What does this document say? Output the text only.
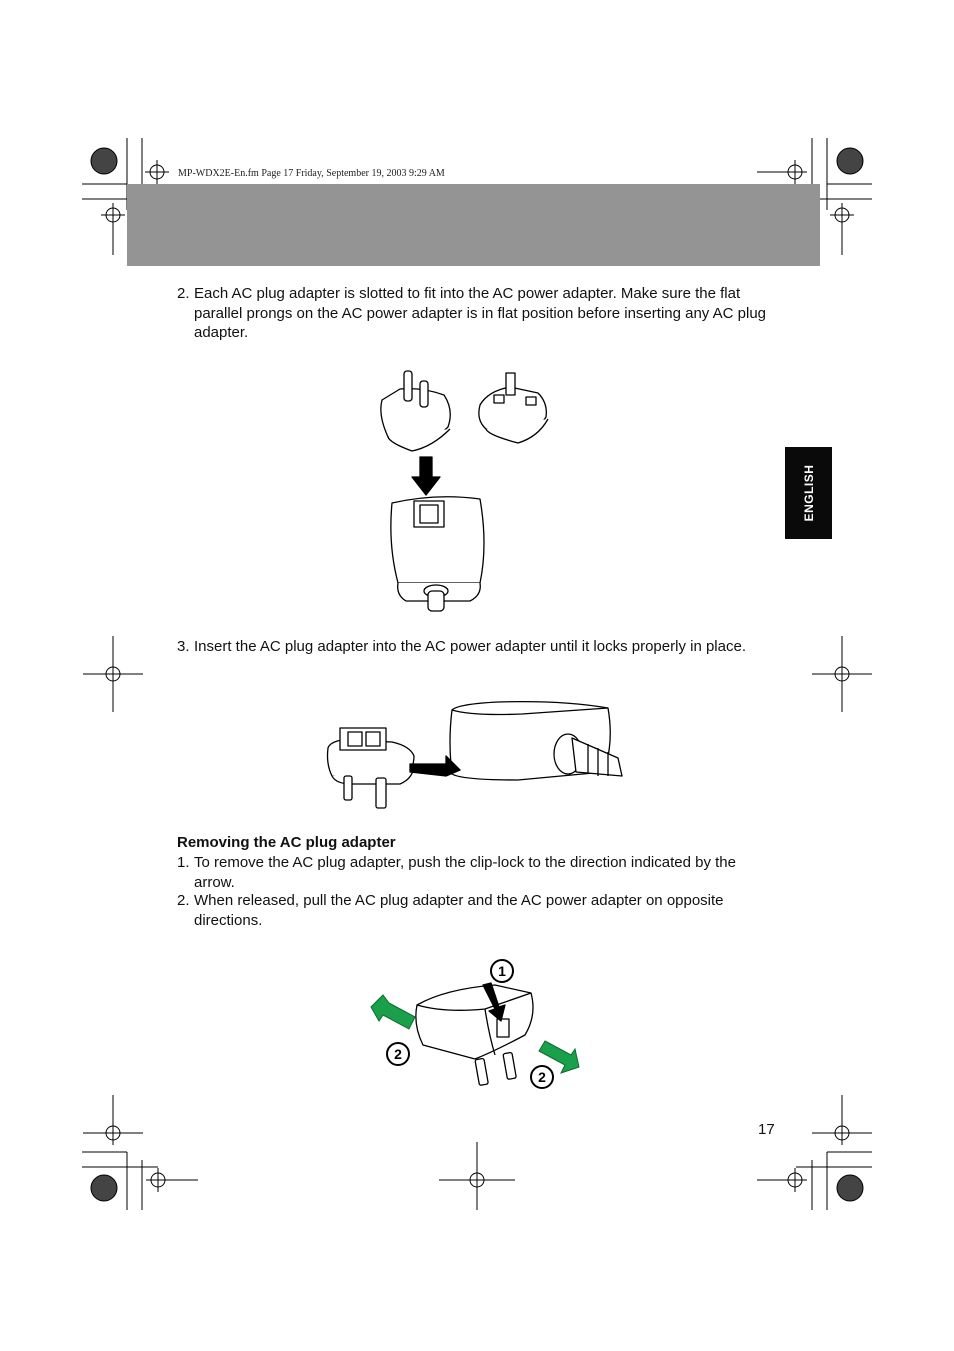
MP-WDX2E-En.fm Page 17 Friday, September 19, 2003 9:29 AM
ENGLISH
2. Each AC plug adapter is slotted to fit into the AC power adapter. Make sure the flat parallel prongs on the AC power adapter is in flat position before inserting any AC plug adapter.
3. Insert the AC plug adapter into the AC power adapter until it locks properly in place.
Removing the AC plug adapter
1. To remove the AC plug adapter, push the clip-lock to the direction indicated by the arrow.
2. When released, pull the AC plug adapter and the AC power adapter on opposite directions.
1
2
2
17
